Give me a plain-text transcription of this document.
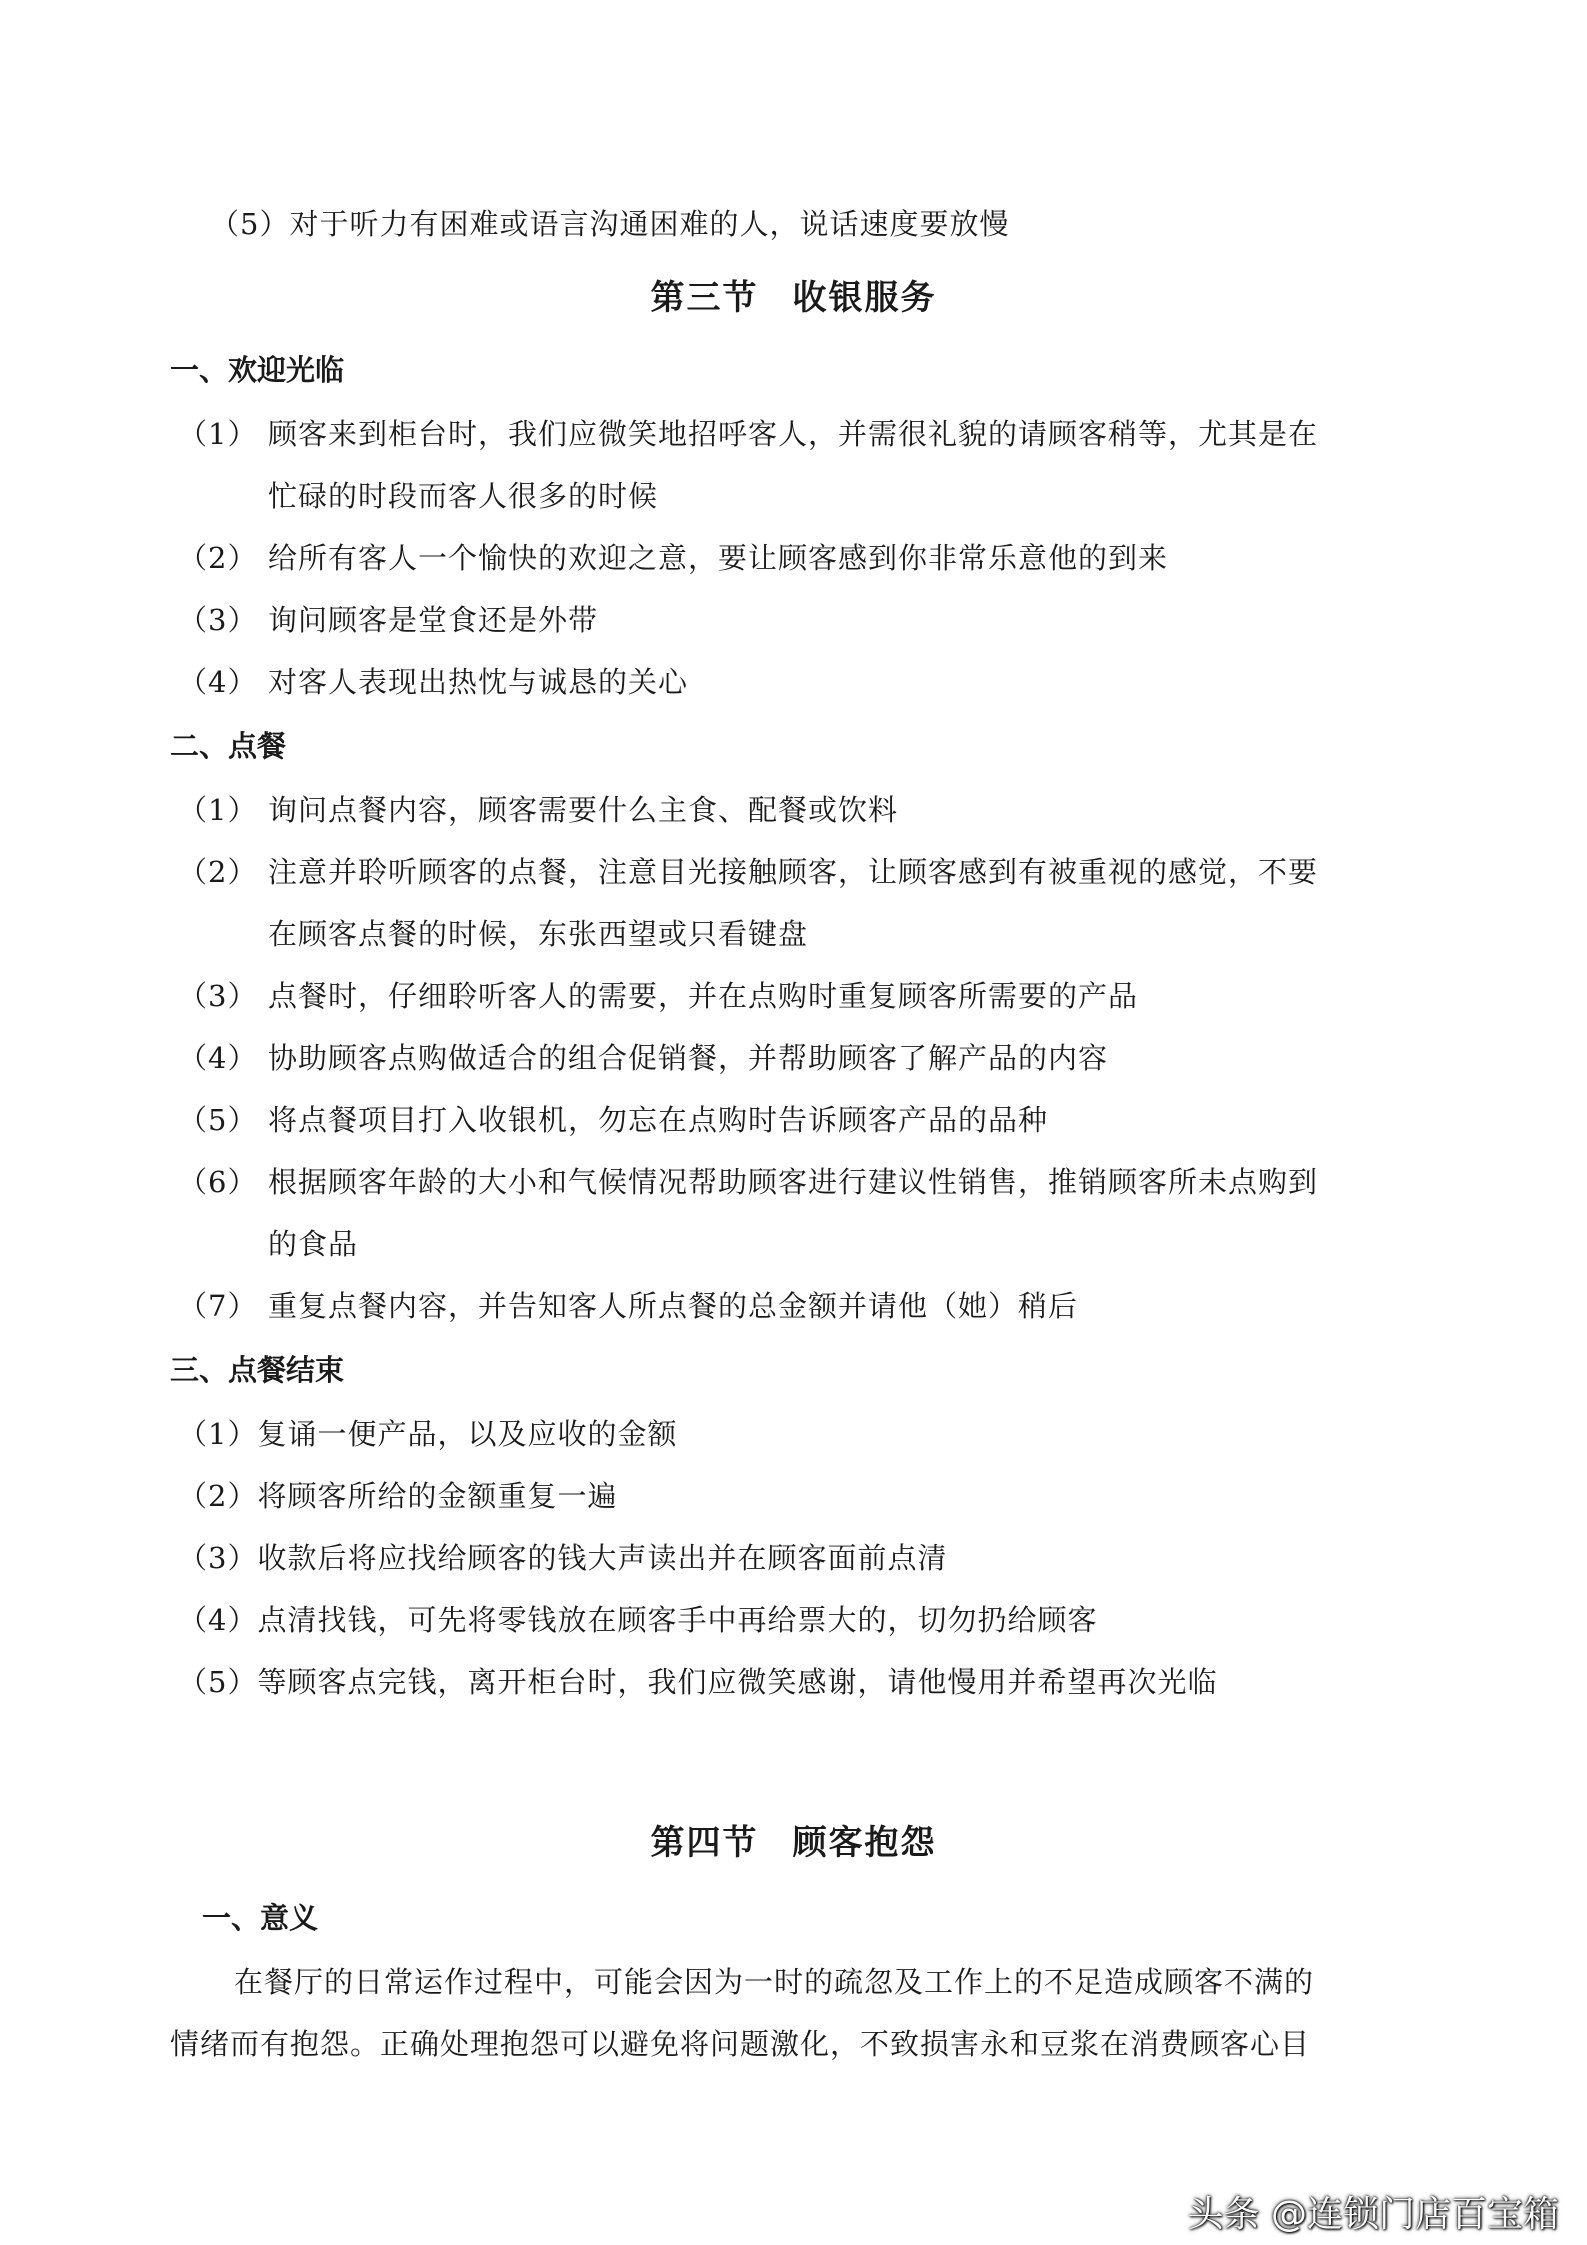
（5）对于听力有困难或语言沟通困难的人，说话速度要放慢
第三节 收银服务
一、欢迎光临
（1） 顾客来到柜台时，我们应微笑地招呼客人，并需很礼貌的请顾客稍等，尤其是在
忙碌的时段而客人很多的时候
（2） 给所有客人一个愉快的欢迎之意，要让顾客感到你非常乐意他的到来
（3） 询问顾客是堂食还是外带
（4） 对客人表现出热忱与诚恳的关心
二、点餐
（1） 询问点餐内容，顾客需要什么主食、配餐或饮料
（2） 注意并聆听顾客的点餐，注意目光接触顾客，让顾客感到有被重视的感觉，不要
在顾客点餐的时候，东张西望或只看键盘
（3） 点餐时，仔细聆听客人的需要，并在点购时重复顾客所需要的产品
（4） 协助顾客点购做适合的组合促销餐，并帮助顾客了解产品的内容
（5） 将点餐项目打入收银机，勿忘在点购时告诉顾客产品的品种
（6） 根据顾客年龄的大小和气候情况帮助顾客进行建议性销售，推销顾客所未点购到
的食品
（7） 重复点餐内容，并告知客人所点餐的总金额并请他（她）稍后
三、点餐结束
（1）复诵一便产品，以及应收的金额
（2）将顾客所给的金额重复一遍
（3）收款后将应找给顾客的钱大声读出并在顾客面前点清
（4）点清找钱，可先将零钱放在顾客手中再给票大的，切勿扔给顾客
（5）等顾客点完钱，离开柜台时，我们应微笑感谢，请他慢用并希望再次光临
第四节 顾客抱怨
一、意义
在餐厅的日常运作过程中，可能会因为一时的疏忽及工作上的不足造成顾客不满的
情绪而有抱怨。正确处理抱怨可以避免将问题激化，不致损害永和豆浆在消费顾客心目
头条 @连锁门店百宝箱
